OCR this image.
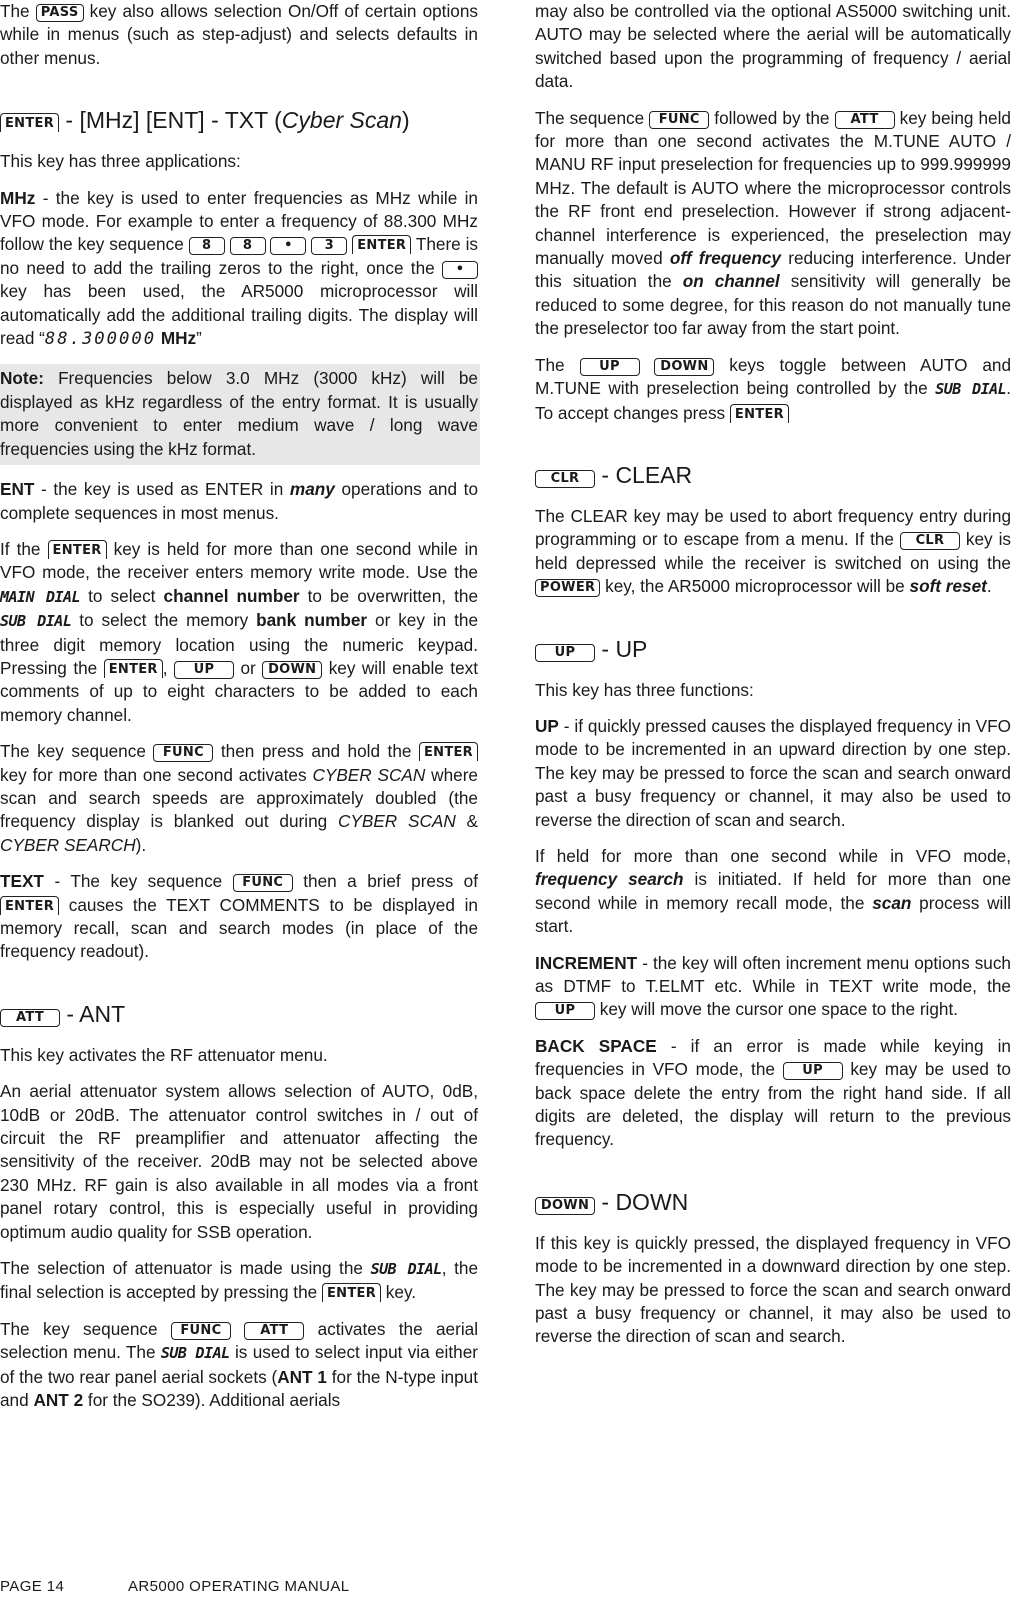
The PASS key also allows selection On/Off of certain options while in menus (such as step-adjust) and selects defaults in other menus.

ENTER - [MHz] [ENT] - TXT (Cyber Scan)

This key has three applications:

MHz - the key is used to enter frequencies as MHz while in VFO mode. For example to enter a frequency of 88.300 MHz follow the key sequence 8 8 • 3 ENTER There is no need to add the trailing zeros to the right, once the • key has been used, the AR5000 microprocessor will automatically add the additional trailing digits. The display will read “88.300000 MHz”

Note: Frequencies below 3.0 MHz (3000 kHz) will be displayed as kHz regardless of the entry format. It is usually more convenient to enter medium wave / long wave frequencies using the kHz format.

ENT - the key is used as ENTER in many operations and to complete sequences in most menus.

If the ENTER key is held for more than one second while in VFO mode, the receiver enters memory write mode. Use the MAIN DIAL to select channel number to be overwritten, the SUB DIAL to select the memory bank number or key in the three digit memory location using the numeric keypad. Pressing the ENTER , UP or DOWN key will enable text comments of up to eight characters to be added to each memory channel.

The key sequence FUNC then press and hold the ENTER key for more than one second activates CYBER SCAN where scan and search speeds are approximately doubled (the frequency display is blanked out during CYBER SCAN & CYBER SEARCH).

TEXT - The key sequence FUNC then a brief press of ENTER causes the TEXT COMMENTS to be displayed in memory recall, scan and search modes (in place of the frequency readout).

ATT - ANT

This key activates the RF attenuator menu.

An aerial attenuator system allows selection of AUTO, 0dB, 10dB or 20dB. The attenuator control switches in / out of circuit the RF preamplifier and attenuator affecting the sensitivity of the receiver. 20dB may not be selected above 230 MHz. RF gain is also available in all modes via a front panel rotary control, this is especially useful in providing optimum audio quality for SSB operation.

The selection of attenuator is made using the SUB DIAL, the final selection is accepted by pressing the ENTER key.

The key sequence FUNC	ATT activates the aerial selection menu. The SUB DIAL is used to select input via either of the two rear panel aerial sockets (ANT 1 for the N-type input and ANT 2 for the SO239). Additional aerials

may also be controlled via the optional AS5000 switching unit. AUTO may be selected where the aerial will be automatically switched based upon the programming of frequency / aerial data.

The sequence FUNC followed by the ATT key being held for more than one second activates the M.TUNE AUTO / MANU RF input preselection for frequencies up to 999.999999 MHz. The default is AUTO where the microprocessor controls the RF front end preselection. However if strong adjacent-channel interference is experienced, the preselection may manually moved off frequency reducing interference. Under this situation the on channel sensitivity will generally be reduced to some degree, for this reason do not manually tune the preselector too far away from the start point.

The	UP	DOWN keys toggle between AUTO and M.TUNE with preselection being controlled by the SUB DIAL. To accept changes press ENTER

CLR - CLEAR

The CLEAR key may be used to abort frequency entry during programming or to escape from a menu. If the CLR key is held depressed while the receiver is switched on using the POWER key, the AR5000 microprocessor will be soft reset.

UP - UP

This key has three functions:

UP - if quickly pressed causes the displayed frequency in VFO mode to be incremented in an upward direction by one step. The key may be pressed to force the scan and search onward past a busy frequency or channel, it may also be used to reverse the direction of scan and search.

If held for more than one second while in VFO mode, frequency search is initiated. If held for more than one second while in memory recall mode, the scan process will start.

INCREMENT - the key will often increment menu options such as DTMF to T.ELMT etc. While in TEXT write mode, the UP key will move the cursor one space to the right.

BACK SPACE - if an error is made while keying in frequencies in VFO mode, the UP key may be used to back space delete the entry from the right hand side. If all digits are deleted, the display will return to the previous frequency.

DOWN - DOWN

If this key is quickly pressed, the displayed frequency in VFO mode to be incremented in a downward direction by one step. The key may be pressed to force the scan and search onward past a busy frequency or channel, it may also be used to reverse the direction of scan and search.

PAGE 14	AR5000 OPERATING MANUAL
